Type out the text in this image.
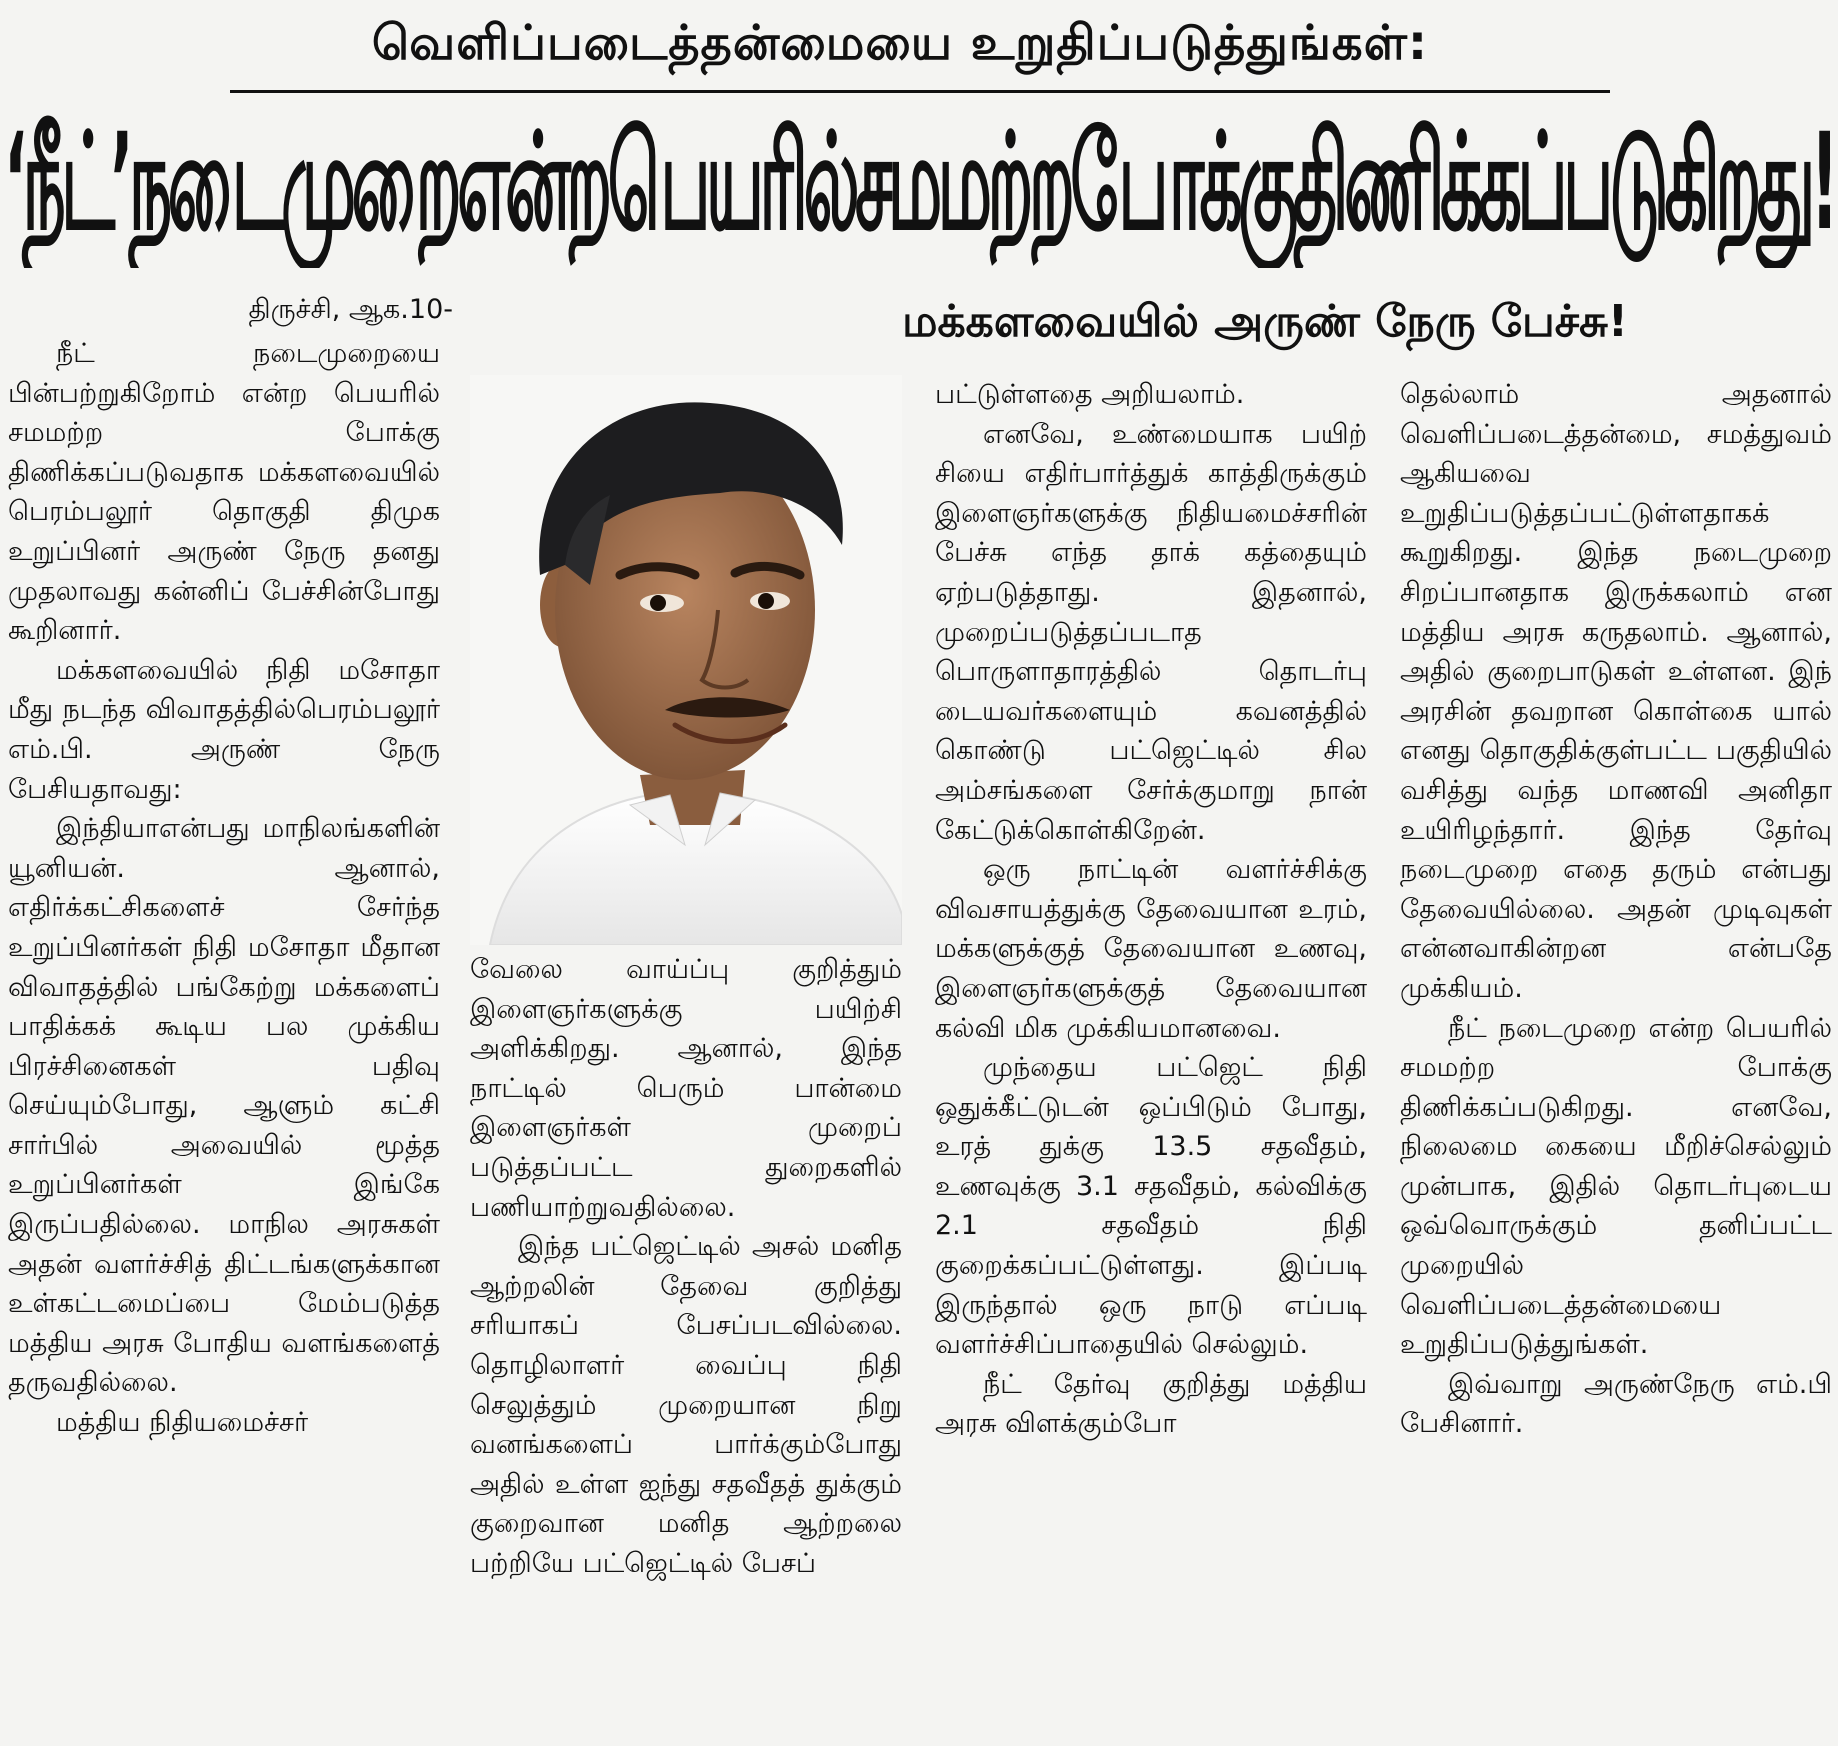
வெளிப்படைத்தன்மையை உறுதிப்படுத்துங்கள்:
‘நீட்’நடைமுறைஎன்றபெயரில்சமமற்றபோக்குதிணிக்கப்படுகிறது!
மக்களவையில் அருண் நேரு பேச்சு!
திருச்சி, ஆக.10-

நீட் நடைமுறையை பின்பற்றுகிறோம் என்ற பெயரில் சமமற்ற போக்கு திணிக்கப்படுவதாக மக்களவையில் பெரம்பலூர் தொகுதி திமுக உறுப்பினர் அருண் நேரு தனது முதலாவது கன்னிப் பேச்சின்போது கூறினார்.

மக்களவையில் நிதி மசோதா மீது நடந்த விவாதத்தில்பெரம்பலூர் எம்.பி. அருண் நேரு பேசியதாவது:

இந்தியாஎன்பது மாநிலங்களின் யூனியன். ஆனால், எதிர்க்கட்சிகளைச் சேர்ந்த உறுப்பினர்கள் நிதி மசோதா மீதான விவாதத்தில் பங்கேற்று மக்களைப் பாதிக்கக் கூடிய பல முக்கிய பிரச்சினைகள் பதிவு செய்யும்போது, ஆளும் கட்சி சார்பில் அவையில் மூத்த உறுப்பினர்கள் இங்கே இருப்பதில்லை. மாநில அரசுகள் அதன் வளர்ச்சித் திட்டங்களுக்கான உள்கட்டமைப்பை மேம்படுத்த மத்திய அரசு போதிய வளங்களைத் தருவதில்லை.

மத்திய நிதியமைச்சர்

வேலை வாய்ப்பு குறித்தும் இளைஞர்களுக்கு பயிற்சி அளிக்கிறது. ஆனால், இந்த நாட்டில் பெரும் பான்மை இளைஞர்கள் முறைப் படுத்தப்பட்ட துறைகளில் பணியாற்றுவதில்லை.

இந்த பட்ஜெட்டில் அசல் மனித ஆற்றலின் தேவை குறித்து சரியாகப் பேசப்படவில்லை. தொழிலாளர் வைப்பு நிதி செலுத்தும் முறையான நிறு வனங்களைப் பார்க்கும்போது அதில் உள்ள ஐந்து சதவீதத் துக்கும் குறைவான மனித ஆற்றலை பற்றியே பட்ஜெட்டில் பேசப்

பட்டுள்ளதை அறியலாம்.

எனவே, உண்மையாக பயிற் சியை எதிர்பார்த்துக் காத்திருக்கும் இளைஞர்களுக்கு நிதியமைச்சரின் பேச்சு எந்த தாக் கத்தையும் ஏற்படுத்தாது. இதனால், முறைப்படுத்தப்படாத பொருளாதாரத்தில் தொடர்பு டையவர்களையும் கவனத்தில் கொண்டு பட்ஜெட்டில் சில அம்சங்களை சேர்க்குமாறு நான் கேட்டுக்கொள்கிறேன்.

ஒரு நாட்டின் வளர்ச்சிக்கு விவசாயத்துக்கு தேவையான உரம், மக்களுக்குத் தேவையான உணவு, இளைஞர்களுக்குத் தேவையான கல்வி மிக முக்கியமானவை.

முந்தைய பட்ஜெட் நிதி ஒதுக்கீட்டுடன் ஒப்பிடும் போது, உரத் துக்கு 13.5 சதவீதம், உணவுக்கு 3.1 சதவீதம், கல்விக்கு 2.1 சதவீதம் நிதி குறைக்கப்பட்டுள்ளது. இப்படி இருந்தால் ஒரு நாடு எப்படி வளர்ச்சிப்பாதையில் செல்லும்.

நீட் தேர்வு குறித்து மத்திய அரசு விளக்கும்போ

தெல்லாம் அதனால் வெளிப்படைத்தன்மை, சமத்துவம் ஆகியவை உறுதிப்படுத்தப்பட்டுள்ளதாகக் கூறுகிறது. இந்த நடைமுறை சிறப்பானதாக இருக்கலாம் என மத்திய அரசு கருதலாம். ஆனால், அதில் குறைபாடுகள் உள்ளன. இந் அரசின் தவறான கொள்கை யால் எனது தொகுதிக்குள்பட்ட பகுதியில் வசித்து வந்த மாணவி அனிதா உயிரிழந்தார். இந்த தேர்வு நடைமுறை எதை தரும் என்பது தேவையில்லை. அதன் முடிவுகள் என்னவாகின்றன என்பதே முக்கியம்.

நீட் நடைமுறை என்ற பெயரில் சமமற்ற போக்கு திணிக்கப்படுகிறது. எனவே, நிலைமை கையை மீறிச்செல்லும் முன்பாக, இதில் தொடர்புடைய ஒவ்வொருக்கும் தனிப்பட்ட முறையில் வெளிப்படைத்தன்மையை உறுதிப்படுத்துங்கள்.

இவ்வாறு அருண்நேரு எம்.பி பேசினார்.
